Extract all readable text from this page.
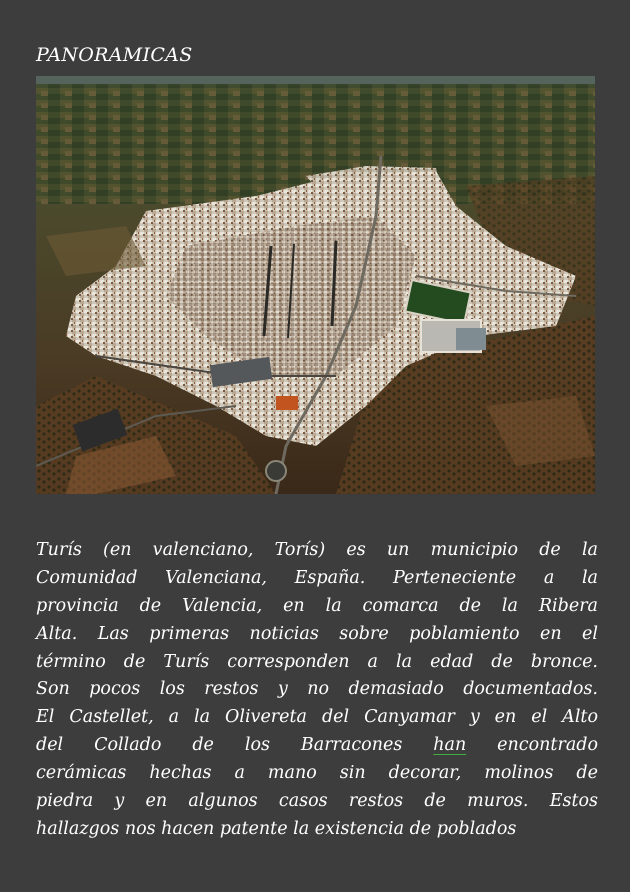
PANORAMICAS
Turís (en valenciano, Torís) es un municipio de la
Comunidad Valenciana, España. Perteneciente a la
provincia de Valencia, en la comarca de la Ribera
Alta. Las primeras noticias sobre poblamiento en el
término de Turís corresponden a la edad de bronce.
Son pocos los restos y no demasiado documentados.
El Castellet, a la Olivereta del Canyamar y en el Alto
del Collado de los Barracones han encontrado
cerámicas hechas a mano sin decorar, molinos de
piedra y en algunos casos restos de muros. Estos
hallazgos nos hacen patente la existencia de poblados
